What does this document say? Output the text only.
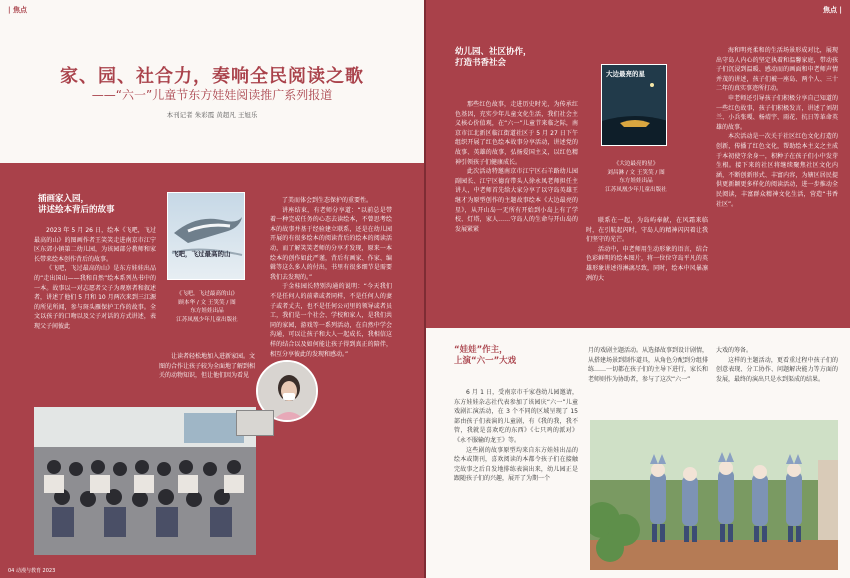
| 焦点
家、园、社合力，奏响全民阅读之歌
——“六一”儿童节东方娃娃阅读推广系列报道
本刊记者 朱彩霞 黄超凡 王旭乐
插画家入园，
讲述绘本背后的故事

2023 年 5 月 26 日，绘本《飞吧，飞过最高的山》的图画作者王笑笑走进南京市江宁区东郊小镇第二幼儿园，为该园部分教师和家长带来绘本创作背后的故事。

《飞吧，飞过最高的山》是东方娃娃出品的“走出国山——我和自然”绘本系列丛书中的一本。故事以一对志愿者父子为观察者和叙述者，讲述了他们 5 月和 10 月两次来到三江源的所见所闻，参与斑头雁保护工作的故事。全文以孩子的口吻以及父子对话的方式讲述，表现父子间彼此

飞吧，飞过最高的山
《飞吧，飞过最高的山》
顾本华 / 文 王笑笑 / 图
东方娃娃出品
江苏凤凰少年儿童出版社

让读者轻松地加入进新家园。文图的合作让孩子较为全面地了解到相关的动物知识，但让他们因为看见

了美而体会到生态保护的重要性。

讲座结束，有老师分享道：“以前总是带着一种完成任务的心态去读绘本，不曾思考绘本的故事并基于经验建立联系，还是在幼儿园开展的有很多绘本的阅读背后的绘本的阅读活动，而了解笑笑老师的分享才发现，原来一本绘本的创作如此严谨，背后有画家、作家、编辑等这么多人的付出，书里有很多细节是需要我们去发现的。”

于金桂园长特别沟通的说明：“今天我们不是任何人的前辈或者同样，不是任何人的妻子或者丈夫，也不是任何公司里的领导或者员工，我们是一个社会、学校和家人，是我们共同的家园，游戏等一系列活动，在自然中学会沟通，可以让孩子和大人一起成长，我相信这样的结合以及如何能让孩子得到真正的陪伴，相互分享彼此的发现和感动。”

04 动漫与教育 2023
焦点 |
幼儿园、社区协作，
打造书香社会

那些红色故事，走进历史时光，为传承红色基因，充实少年儿童文化生活，我们社会主义核心价值观，在“六一”儿童节来临之际，南京市江北新区临江街道社区于 5 月 27 日下午组织开展了红色绘本故事分享活动，讲述党的故事、英雄的故事，弘扬爱国主义，以红色精神引领孩子们健康成长。

此次活动特邀南京市江宁区石羊路幼儿园副园长、江宁区德育带头人徐永凤老师担任主讲人，中老师首先给大家分享了以守岛英雄王继才为原型创作的主题故事绘本《大边最亮的星》，从开山岛一无所有开始到小岛上有了学校、灯塔，家人……守岛人的生命与开山岛的发展紧紧

大边最亮的星
《大边最亮的星》
刘昌淋 / 文 王笑笑 / 图
东方娃娃出品
江苏凤凰少年儿童出版社

联系在一起，为岛屿奉献，在风霜来临时，在引航起闪时，守岛人的精神闪闪着让我们坚守的光芒。

活动中，申老师用生动形象的语言，结合色彩鲜明的绘本图片，将一位位守岛平凡的英雄形象讲述得淋漓尽致，同时，绘本中风暴凛冽的大

海和明亮柔和的生活场景形成对比，展现出守岛人内心的坚定执着和温馨家庭，带动孩子们沉浸到温暖、感动而的画面和申老师声情并茂的讲述，孩子们被一座岛、两个人、三十二年的真实事迹所打动。

申老师还引导孩子们积极分享自己知道的一些红色故事，孩子们积极发言，讲述了刘胡兰、小兵张嘎、杨靖宇、雨花、抗日等革命英雄的故事。

本次活动是一次关于社区红色文化打造的创新，传播了红色文化，帮助绘本主义之主成于本初使守余身一，积种子在孩子们小中发芽生根。接下来的社区将继续聚焦社区文化内涵，不断创新形式、丰富内容，为辖区居民提供更新颖更多样化的阅读活动，进一步推动全民阅读，丰富群众精神文化生活，营造“书香社区”。

“娃娃”作主，
上演“六一”大戏

6 月 1 日，受南京市千家巷幼儿园邀请，东方娃娃杂志社代表参加了该园庆“六一”儿童戏剧汇演活动，在 3 个不同的区域呈现了 15 部由孩子们表演的儿童剧，有《我的我，我不管，我就是喜欢吃的东西》《七只鸡的派对》《永不服输的龙王》等。

这些剧的故事原型均来自东方娃娃出品的绘本或期刊，喜欢阅读的本都令孩子们在接触完故事之后自发地排练表演出来，幼儿园正是跟随孩子们的兴趣，展开了为期一个

月的戏剧主题活动。从选择故事到设计剧情，从搭建场景到制作道具，从角色分配到分组排练……一切都在孩子们的主导下进行，家长和老师则作为协助者，参与了这次“六一”

大戏的筹备。

这样的主题活动，更看重过程中孩子们的创意表现、分工协作、问题解决能力等方面的发展，最终的演出只是水到渠成的结果。
